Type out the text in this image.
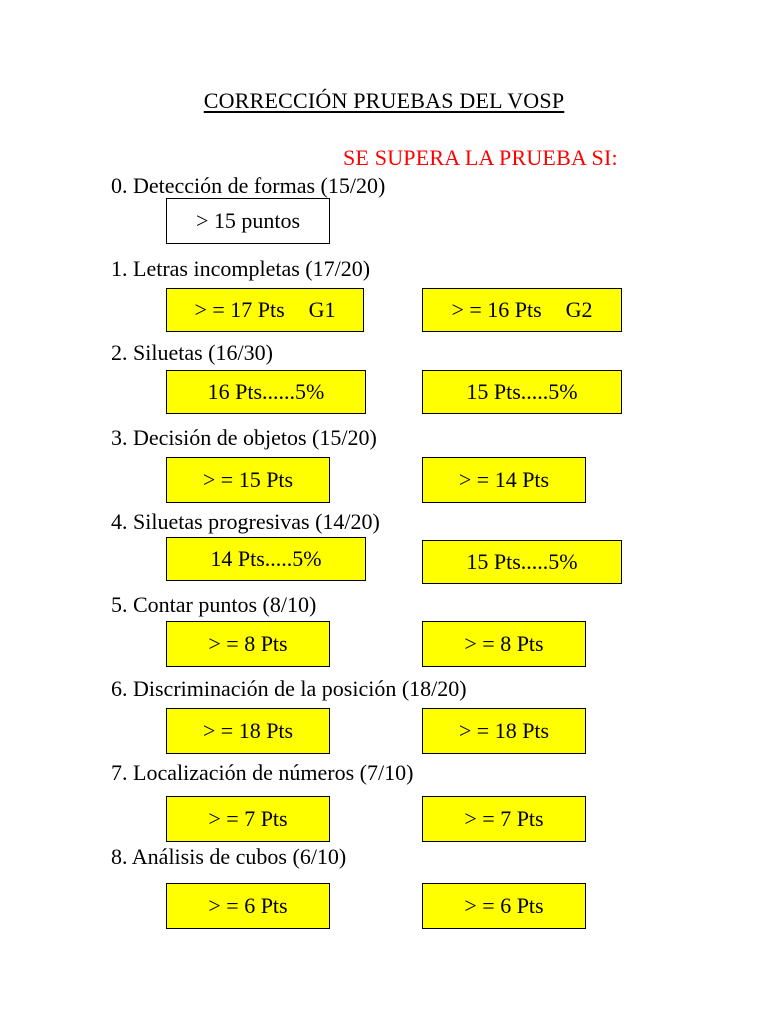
CORRECCIÓN PRUEBAS DEL VOSP
SE SUPERA LA PRUEBA SI:
0. Detección de formas (15/20)
> 15 puntos
1. Letras incompletas (17/20)
> = 17 Pts G1	> = 16 Pts G2
2. Siluetas (16/30)
16 Pts......5%	15 Pts.....5%
3. Decisión de objetos (15/20)
> = 15 Pts	> = 14 Pts
4. Siluetas progresivas (14/20)
14 Pts.....5%	15 Pts.....5%
5. Contar puntos (8/10)
> = 8 Pts	> = 8 Pts
6. Discriminación de la posición (18/20)
> = 18 Pts	> = 18 Pts
7. Localización de números (7/10)
> = 7 Pts	> = 7 Pts
8. Análisis de cubos (6/10)
> = 6 Pts	> = 6 Pts
